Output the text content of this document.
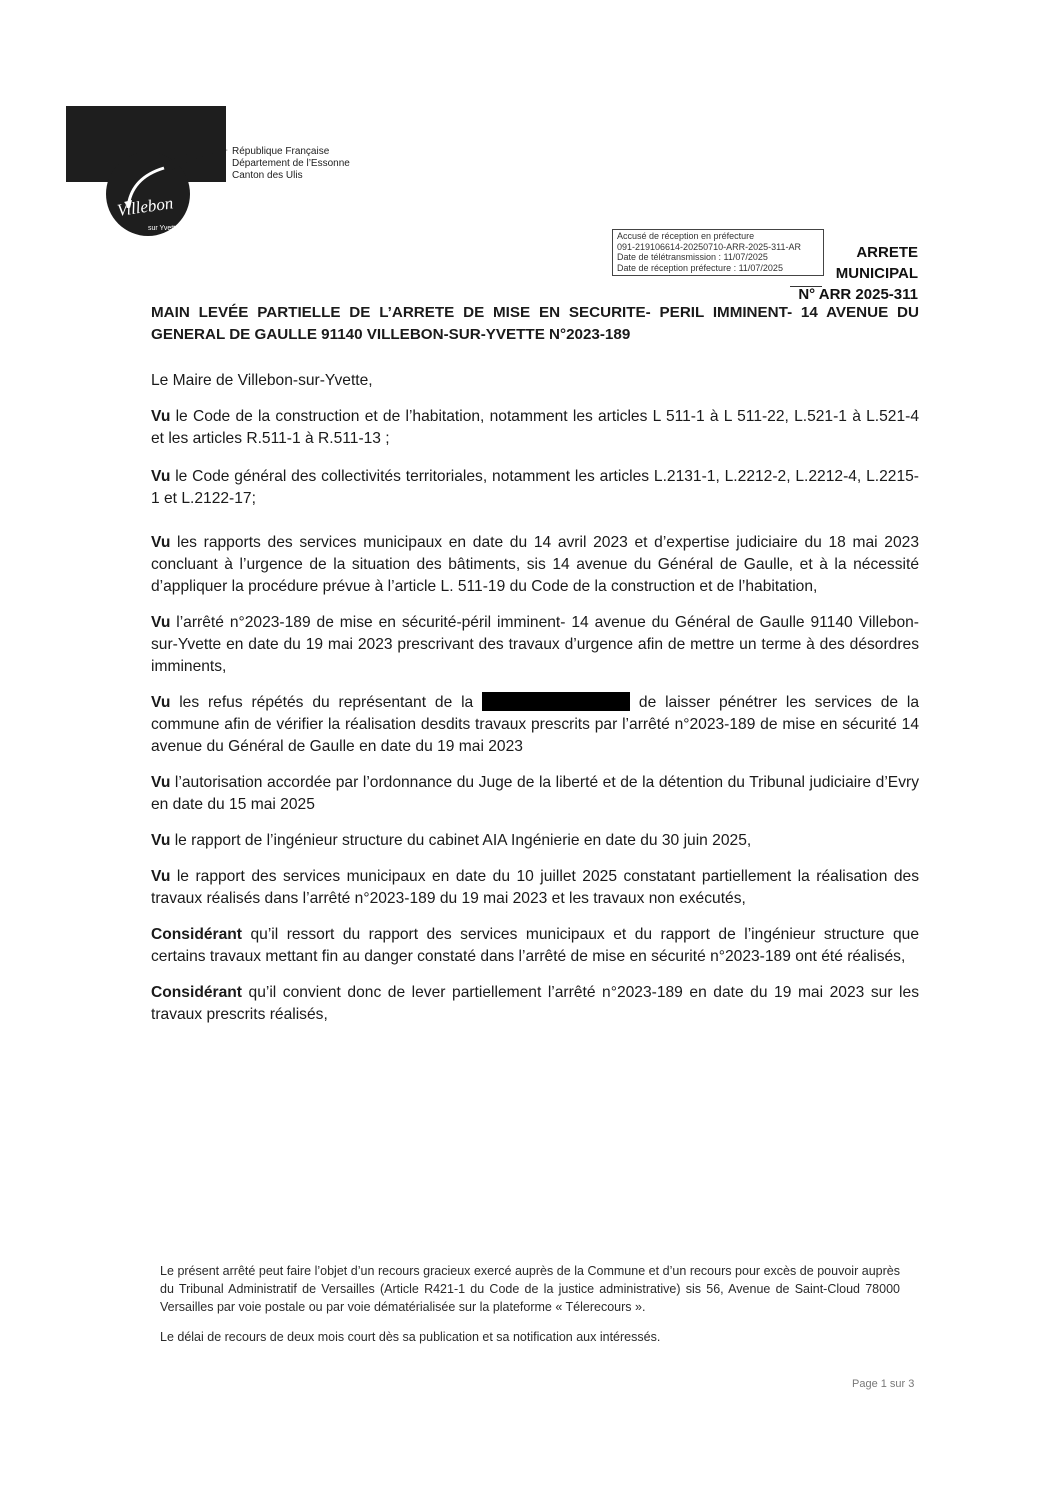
Villebon
sur Yvette
République Française
Département de l’Essonne
Canton des Ulis
Accusé de réception en préfecture
091-219106614-20250710-ARR-2025-311-AR
Date de télétransmission : 11/07/2025
Date de réception préfecture : 11/07/2025
ARRETE MUNICIPAL
N° ARR 2025-311
MAIN LEVÉE PARTIELLE DE L’ARRETE DE MISE EN SECURITE- PERIL IMMINENT- 14 AVENUE DU GENERAL DE GAULLE 91140 VILLEBON-SUR-YVETTE N°2023-189

Le Maire de Villebon-sur-Yvette,

Vu le Code de la construction et de l’habitation, notamment les articles L 511-1 à L 511-22, L.521-1 à L.521-4 et les articles R.511-1 à R.511-13 ;

Vu le Code général des collectivités territoriales, notamment les articles L.2131-1, L.2212-2, L.2212-4, L.2215-1 et L.2122-17;

Vu les rapports des services municipaux en date du 14 avril 2023 et d’expertise judiciaire du 18 mai 2023 concluant à l’urgence de la situation des bâtiments, sis 14 avenue du Général de Gaulle, et à la nécessité d’appliquer la procédure prévue à l’article L. 511-19 du Code de la construction et de l’habitation,

Vu l’arrêté n°2023-189 de mise en sécurité-péril imminent- 14 avenue du Général de Gaulle 91140 Villebon-sur-Yvette en date du 19 mai 2023 prescrivant des travaux d’urgence afin de mettre un terme à des désordres imminents,

Vu les refus répétés du représentant de la	de laisser pénétrer les services de la commune afin de vérifier la réalisation desdits travaux prescrits par l’arrêté n°2023-189 de mise en sécurité 14 avenue du Général de Gaulle en date du 19 mai 2023

Vu l’autorisation accordée par l’ordonnance du Juge de la liberté et de la détention du Tribunal judiciaire d’Evry en date du 15 mai 2025

Vu le rapport de l’ingénieur structure du cabinet AIA Ingénierie en date du 30 juin 2025,

Vu le rapport des services municipaux en date du 10 juillet 2025 constatant partiellement la réalisation des travaux réalisés dans l’arrêté n°2023-189 du 19 mai 2023 et les travaux non exécutés,

Considérant qu’il ressort du rapport des services municipaux et du rapport de l’ingénieur structure que certains travaux mettant fin au danger constaté dans l’arrêté de mise en sécurité n°2023-189 ont été réalisés,

Considérant qu’il convient donc de lever partiellement l’arrêté n°2023-189 en date du 19 mai 2023 sur les travaux prescrits réalisés,

Le présent arrêté peut faire l’objet d’un recours gracieux exercé auprès de la Commune et d’un recours pour excès de pouvoir auprès du Tribunal Administratif de Versailles (Article R421-1 du Code de la justice administrative) sis 56, Avenue de Saint-Cloud 78000 Versailles par voie postale ou par voie dématérialisée sur la plateforme « Télerecours ».

Le délai de recours de deux mois court dès sa publication et sa notification aux intéressés.

Page 1 sur 3
